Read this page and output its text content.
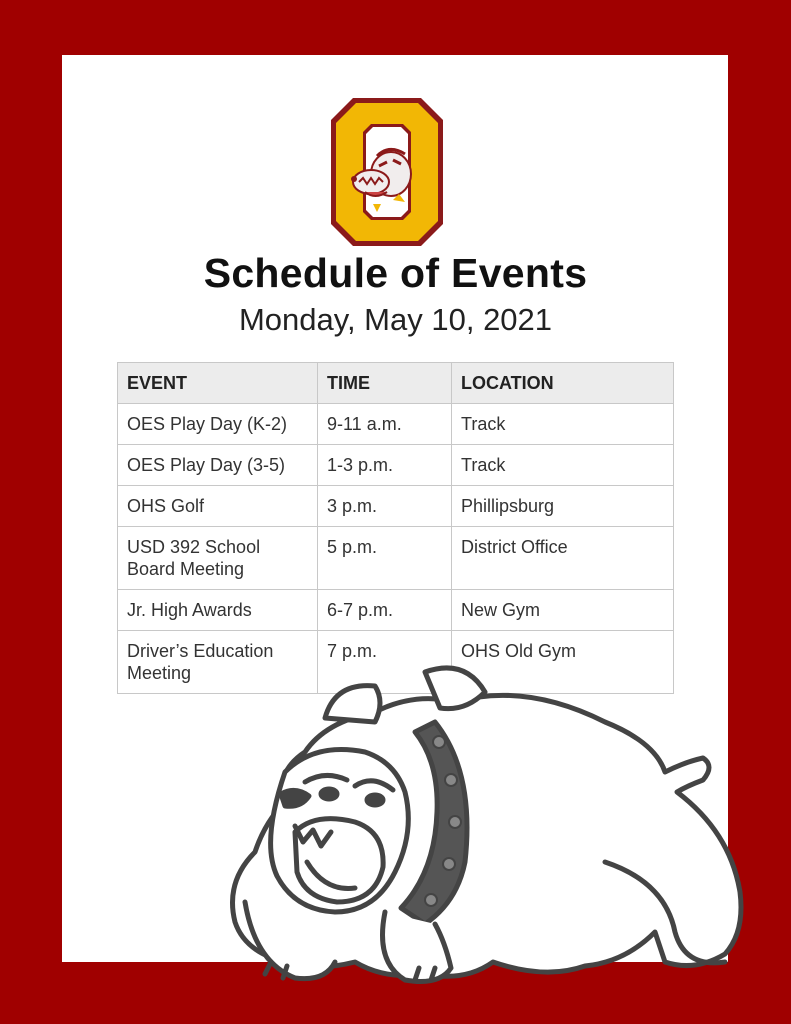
Schedule of Events
Monday, May 10, 2021
EVENT	TIME	LOCATION
OES Play Day (K-2)	9-11 a.m.	Track
OES Play Day (3-5)	1-3 p.m.	Track
OHS Golf	3 p.m.	Phillipsburg
USD 392 School Board Meeting	5 p.m.	District Office
Jr. High Awards	6-7 p.m.	New Gym
Driver’s Education Meeting	7 p.m.	OHS Old Gym
